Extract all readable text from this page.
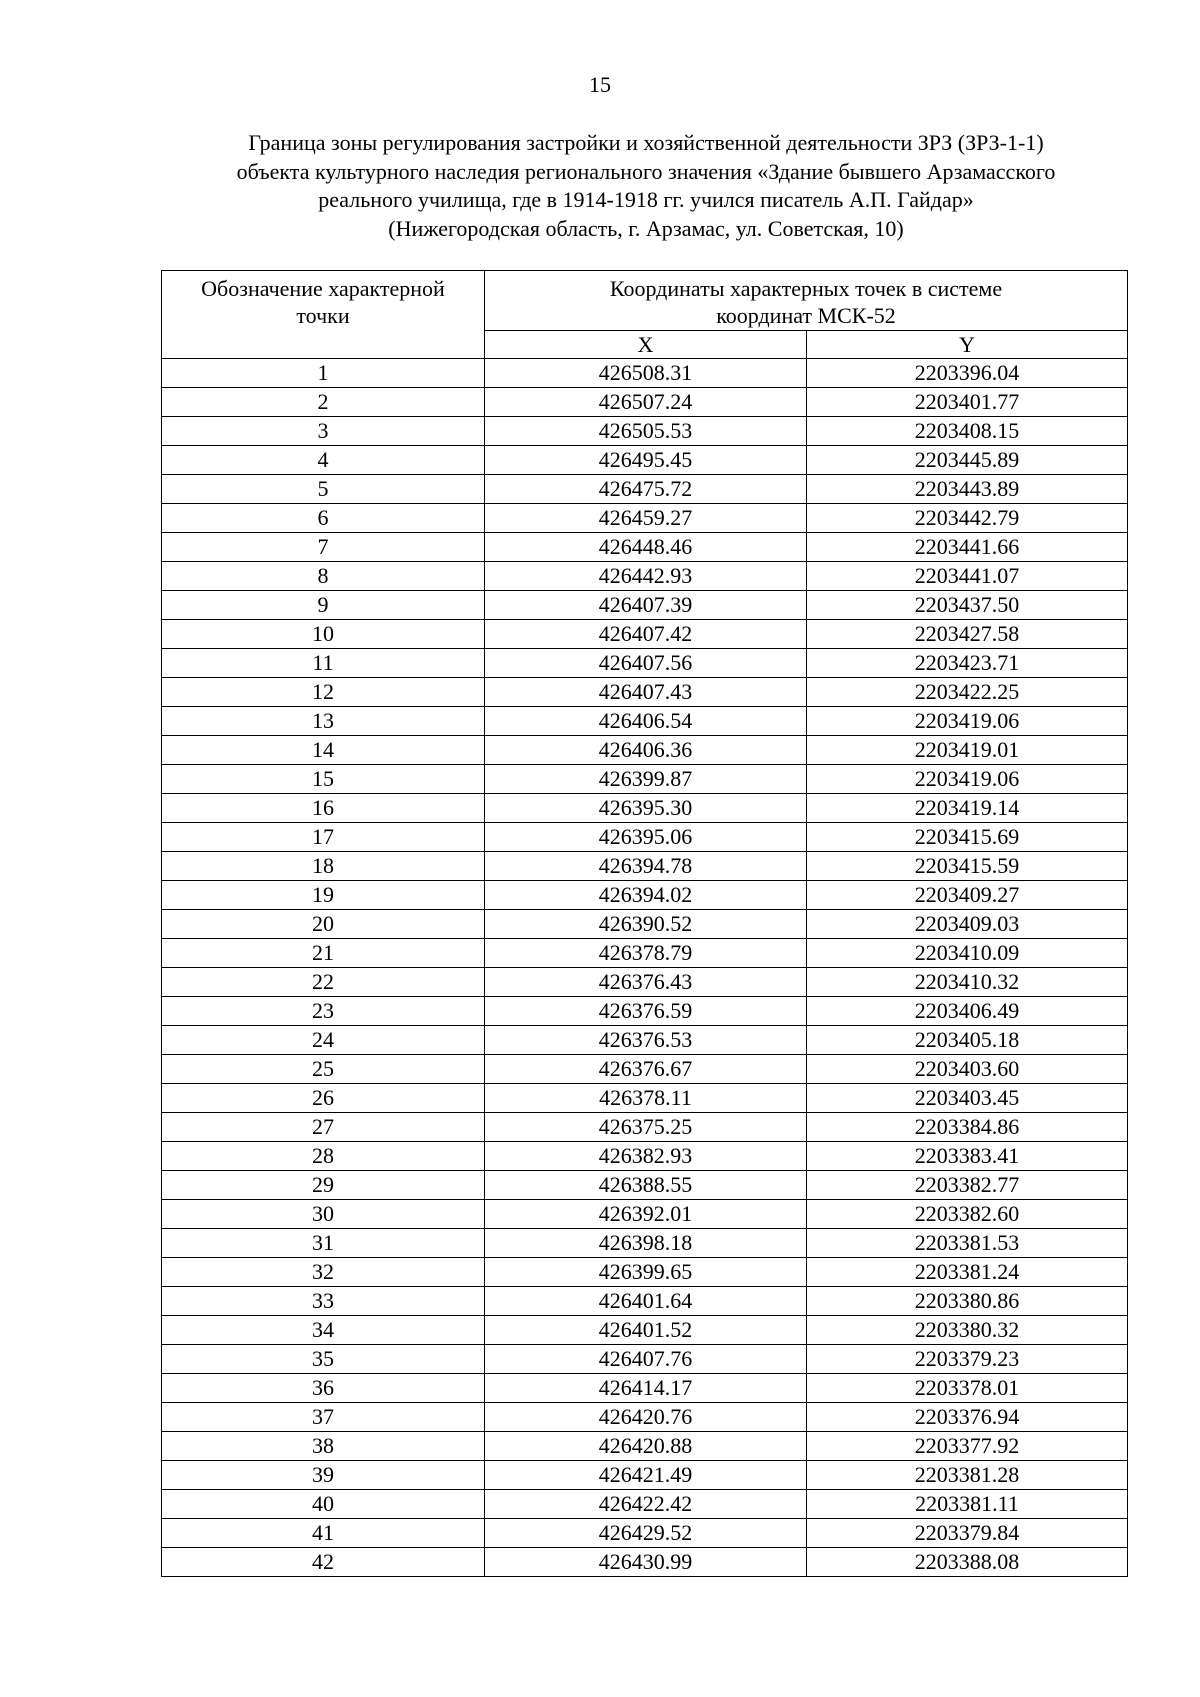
15
Граница зоны регулирования застройки и хозяйственной деятельности ЗРЗ (ЗРЗ-1-1)
объекта культурного наследия регионального значения «Здание бывшего Арзамасского
реального училища, где в 1914-1918 гг. учился писатель А.П. Гайдар»
(Нижегородская область, г. Арзамас, ул. Советская, 10)
Обозначение характерной
точки	Координаты характерных точек в системе
координат МСК-52	

	X	Y
1	426508.31	2203396.04
2	426507.24	2203401.77
3	426505.53	2203408.15
4	426495.45	2203445.89
5	426475.72	2203443.89
6	426459.27	2203442.79
7	426448.46	2203441.66
8	426442.93	2203441.07
9	426407.39	2203437.50
10	426407.42	2203427.58
11	426407.56	2203423.71
12	426407.43	2203422.25
13	426406.54	2203419.06
14	426406.36	2203419.01
15	426399.87	2203419.06
16	426395.30	2203419.14
17	426395.06	2203415.69
18	426394.78	2203415.59
19	426394.02	2203409.27
20	426390.52	2203409.03
21	426378.79	2203410.09
22	426376.43	2203410.32
23	426376.59	2203406.49
24	426376.53	2203405.18
25	426376.67	2203403.60
26	426378.11	2203403.45
27	426375.25	2203384.86
28	426382.93	2203383.41
29	426388.55	2203382.77
30	426392.01	2203382.60
31	426398.18	2203381.53
32	426399.65	2203381.24
33	426401.64	2203380.86
34	426401.52	2203380.32
35	426407.76	2203379.23
36	426414.17	2203378.01
37	426420.76	2203376.94
38	426420.88	2203377.92
39	426421.49	2203381.28
40	426422.42	2203381.11
41	426429.52	2203379.84
42	426430.99	2203388.08
